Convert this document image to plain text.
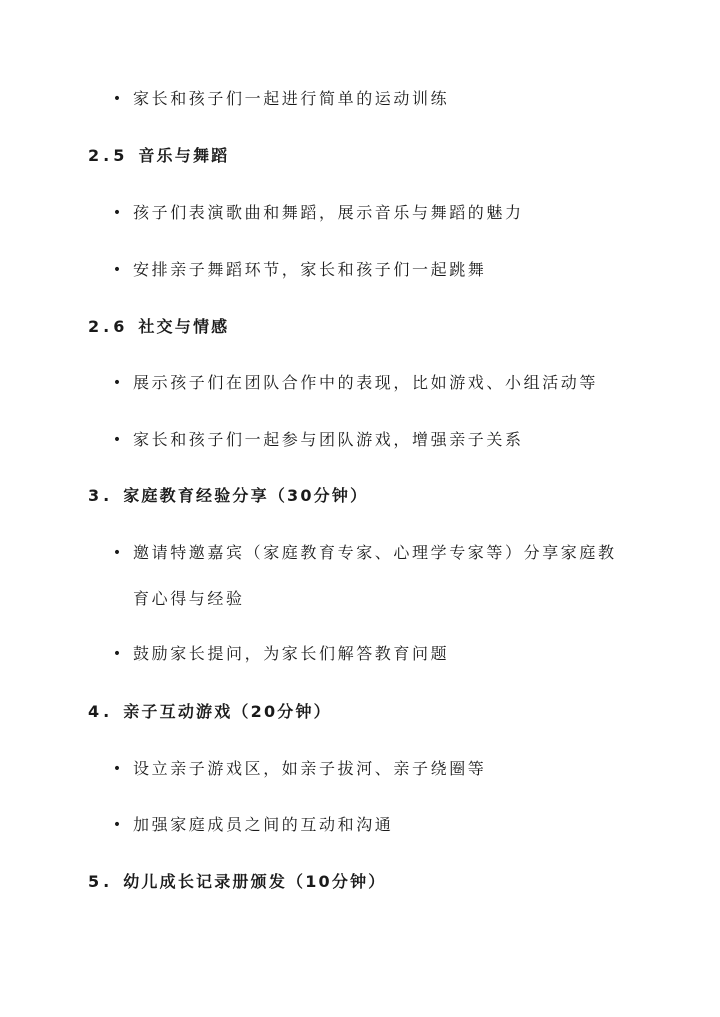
• 家长和孩子们一起进行简单的运动训练
2.5 音乐与舞蹈
• 孩子们表演歌曲和舞蹈，展示音乐与舞蹈的魅力
• 安排亲子舞蹈环节，家长和孩子们一起跳舞
2.6 社交与情感
• 展示孩子们在团队合作中的表现，比如游戏、小组活动等
• 家长和孩子们一起参与团队游戏，增强亲子关系
3. 家庭教育经验分享（30分钟）
• 邀请特邀嘉宾（家庭教育专家、心理学专家等）分享家庭教
育心得与经验
• 鼓励家长提问，为家长们解答教育问题
4. 亲子互动游戏（20分钟）
• 设立亲子游戏区，如亲子拔河、亲子绕圈等
• 加强家庭成员之间的互动和沟通
5. 幼儿成长记录册颁发（10分钟）
